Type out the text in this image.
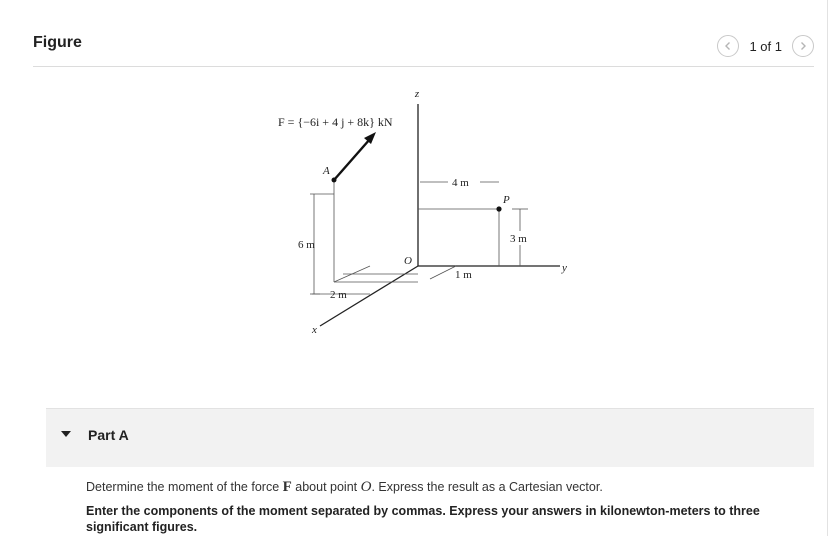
Figure	1 of 1
z
y
x
O
A
F = {−6i + 4 j + 8k} kN
6 m
2 m
P
4 m
3 m
1 m
Part A
Determine the moment of the force F about point O. Express the result as a Cartesian vector.
Enter the components of the moment separated by commas. Express your answers in kilonewton-meters to three significant figures.
